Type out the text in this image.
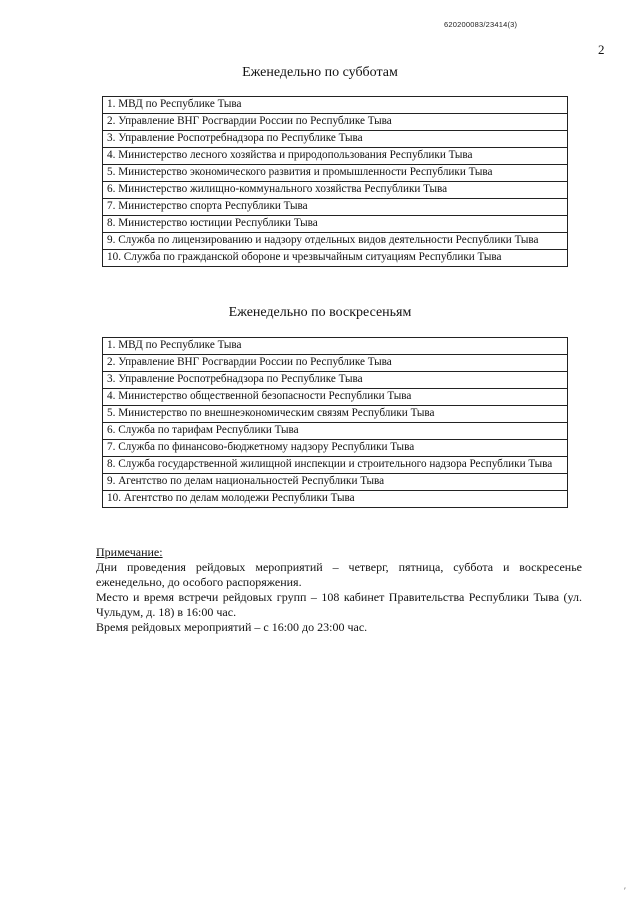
620200083/23414(3)
2
Еженедельно по субботам
1. МВД по Республике Тыва
2. Управление ВНГ Росгвардии России по Республике Тыва
3. Управление Роспотребнадзора по Республике Тыва
4. Министерство лесного хозяйства и природопользования Республики Тыва
5. Министерство экономического развития и промышленности Республики Тыва
6. Министерство жилищно-коммунального хозяйства Республики Тыва
7. Министерство спорта Республики Тыва
8. Министерство юстиции Республики Тыва
9. Служба по лицензированию и надзору отдельных видов деятельности Республики Тыва
10. Служба по гражданской обороне и чрезвычайным ситуациям Республики Тыва
Еженедельно по воскресеньям
1. МВД по Республике Тыва
2. Управление ВНГ Росгвардии России по Республике Тыва
3. Управление Роспотребнадзора по Республике Тыва
4. Министерство общественной безопасности Республики Тыва
5. Министерство по внешнеэкономическим связям Республики Тыва
6. Служба по тарифам Республики Тыва
7. Служба по финансово-бюджетному надзору Республики Тыва
8. Служба государственной жилищной инспекции и строительного надзора Республики Тыва
9. Агентство по делам национальностей Республики Тыва
10. Агентство по делам молодежи Республики Тыва

Примечание:

Дни проведения рейдовых мероприятий – четверг, пятница, суббота и воскресенье еженедельно, до особого распоряжения.

Место и время встречи рейдовых групп – 108 кабинет Правительства Республики Тыва (ул. Чульдум, д. 18) в 16:00 час.

Время рейдовых мероприятий – с 16:00 до 23:00 час.

′
